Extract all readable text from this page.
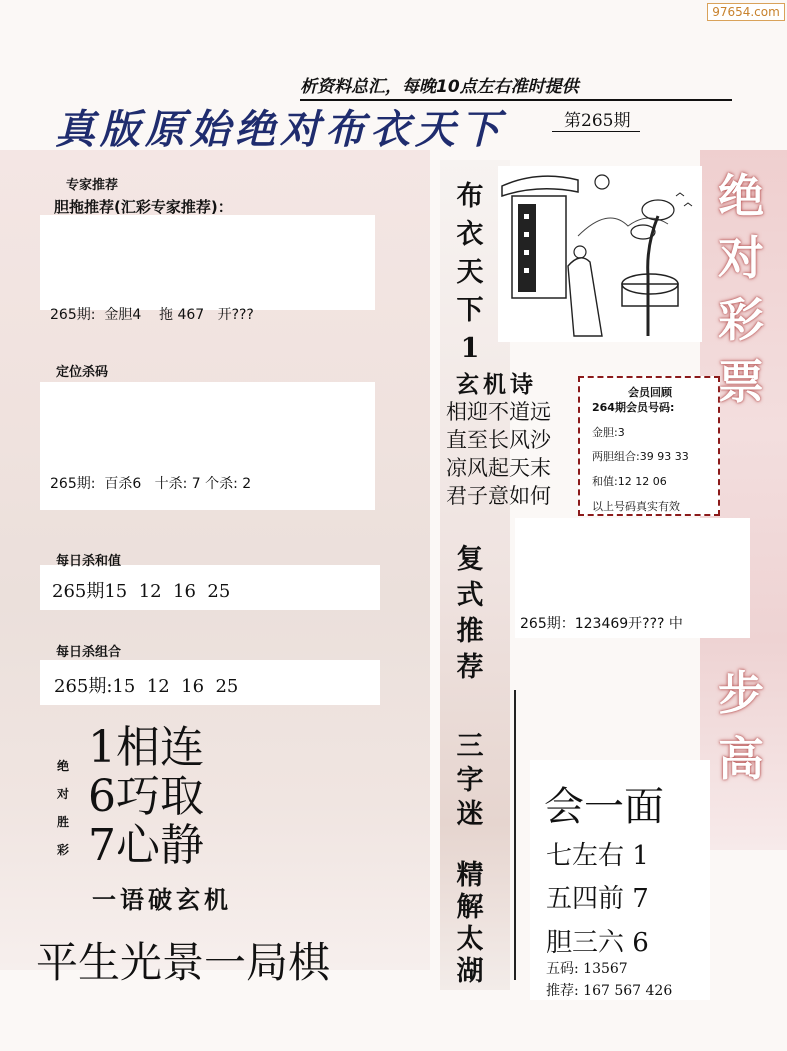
97654.com
析资料总汇，每晚10点左右准时提供
真版原始绝对布衣天下	第265期
专家推荐
胆拖推荐(汇彩专家推荐)：
265期:  金胆4    拖 467   开???
定位杀码
265期:  百杀6   十杀: 7 个杀: 2
每日杀和值
265期15  12  16  25
每日杀组合
265期:15  12  16  25
绝
对
胜
彩
1相连
6巧取
7心静
一语破玄机
平生光景一局棋
布
衣
天
下
1
玄机诗
相迎不道远
直至长风沙
凉风起天末
君子意如何
复
式
推
荐
三
字
迷
精
解
太
湖
会员回顾
264期会员号码:
金胆:3
两胆组合:39 93 33
和值:12 12 06
以上号码真实有效
绝
对
彩
票
步
高
265期：123469开??? 中
会一面
七左右 1
五四前 7
胆三六 6
五码: 13567
推荐: 167 567 426
